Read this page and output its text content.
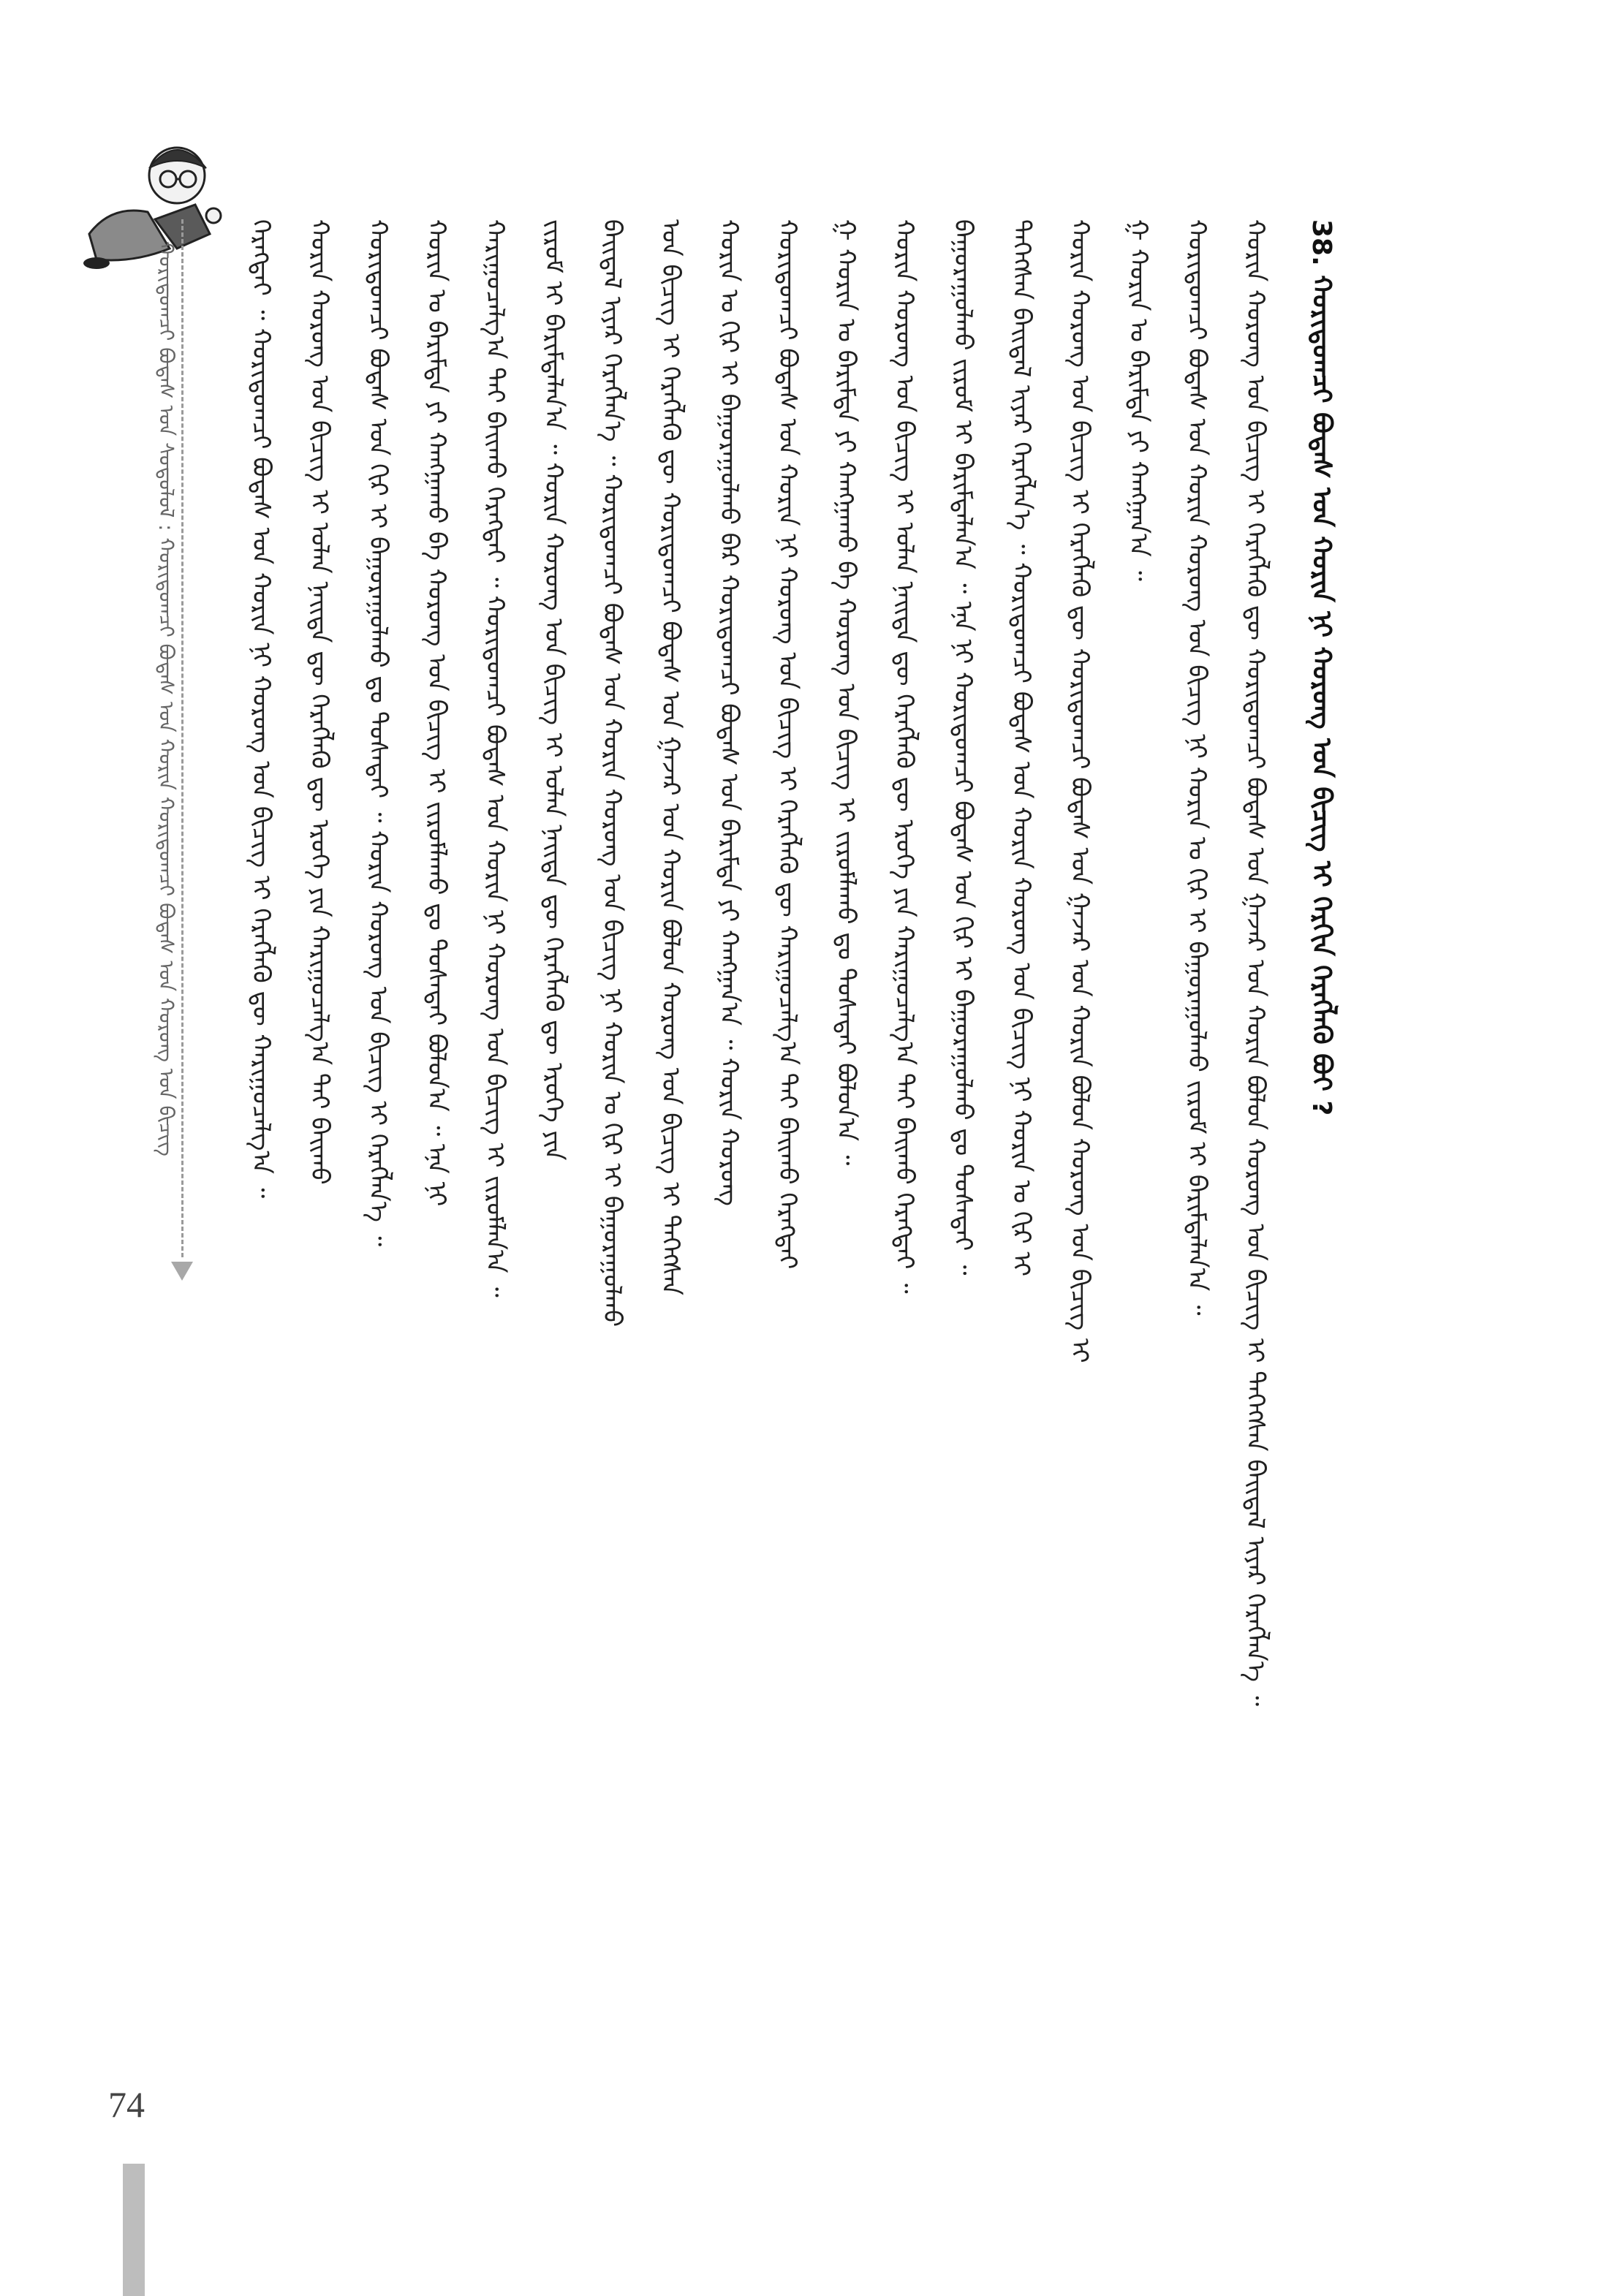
ᠬᠣᠷᠢᠳᠤᠭᠴᠢ ᠪᠣᠳᠠᠰ ᠤᠨ ᠰᠤᠳᠤᠯᠤᠯ : ᠬᠣᠷᠢᠳᠤᠭᠴᠢ ᠪᠣᠳᠠᠰ ᠤᠨ ᠬᠣᠷᠢᠨ ᠬᠣᠷᠢᠳᠤᠭᠴᠢ ᠪᠣᠳᠠᠰ ᠤᠨ ᠬᠣᠷᠤᠩ ᠤᠨ ᠪᠢᠴᠢᠭ	ᠬᠡᠷᠡᠭᠲᠡᠢ ᠃ ᠬᠣᠷᠢᠳᠤᠭᠴᠢ ᠪᠣᠳᠠᠰ ᠤᠨ ᠬᠣᠷᠢᠨ ᠨᠢ ᠬᠣᠷᠤᠩ ᠤᠨ ᠪᠢᠴᠢᠭ ᠢ ᠬᠡᠷᠡᠭᠯᠡᠬᠦ ᠳᠦ ᠬᠠᠷᠢᠭᠤᠴᠠᠯᠭ᠎ᠠ ᠃ ᠬᠣᠷᠢᠨ ᠬᠣᠷᠤᠩ ᠤᠨ ᠪᠢᠴᠢᠭ ᠢ ᠣᠯᠠᠨ ᠨᠡᠢᠲᠡ ᠳᠦ ᠬᠡᠷᠡᠭᠯᠡᠬᠦ ᠳᠦ ᠡᠷᠦᠬᠡ ᠶᠢᠨ ᠬᠠᠷᠢᠭᠤᠴᠠᠯᠭ᠎ᠠ ᠲᠠᠢ ᠪᠠᠢᠬᠤ ᠬᠣᠷᠢᠳᠤᠭᠴᠢ ᠪᠣᠳᠠᠰ ᠤᠨ ᠬᠢᠷ ᠢ ᠪᠠᠭᠤᠷᠠᠭᠤᠯᠬᠤ ᠳᠤ ᠲᠤᠰᠠᠲᠠᠢ ᠃ ᠬᠣᠷᠢᠨ ᠬᠣᠷᠤᠩ ᠤᠨ ᠪᠢᠴᠢᠭ ᠢ ᠬᠡᠷᠡᠭᠯᠡᠨ᠎ᠡ ᠃ ᠬᠣᠷᠢᠨ ᠤ ᠪᠠᠷᠢᠮᠲᠠ ᠶᠢ ᠬᠠᠩᠭᠠᠬᠤ ᠪᠠ ᠬᠣᠷᠤᠩ ᠤᠨ ᠪᠢᠴᠢᠭ ᠢ ᠵᠢᠷᠤᠮᠯᠠᠬᠤ ᠳᠤ ᠲᠤᠰᠠᠲᠠᠢ ᠪᠣᠯᠤᠨ᠎ᠠ ᠃ ᠡᠨᠡ ᠨᠢ ᠬᠠᠷᠢᠭᠤᠴᠠᠯᠭ᠎ᠠ ᠲᠠᠢ ᠪᠠᠢᠬᠤ ᠬᠡᠷᠡᠭᠲᠡᠢ ᠃ ᠬᠣᠷᠢᠳᠤᠭᠴᠢ ᠪᠣᠳᠠᠰ ᠤᠨ ᠬᠣᠷᠢᠨ ᠨᠢ ᠬᠣᠷᠤᠩ ᠤᠨ ᠪᠢᠴᠢᠭ ᠢ ᠵᠢᠷᠤᠮᠯᠠᠨ᠎ᠠ ᠃ ᠵᠢᠷᠤᠮ ᠢ ᠪᠠᠷᠢᠮᠲᠠᠯᠠᠨ᠎ᠠ ᠃ ᠬᠣᠷᠢᠨ ᠬᠣᠷᠤᠩ ᠤᠨ ᠪᠢᠴᠢᠭ ᠢ ᠣᠯᠠᠨ ᠨᠡᠢᠲᠡ ᠳᠦ ᠬᠡᠷᠡᠭᠯᠡᠬᠦ ᠳᠦ ᠡᠷᠦᠬᠡ ᠶᠢᠨ ᠪᠠᠢᠳᠠᠯ ᠢᠶᠠᠷ ᠬᠡᠷᠡᠭᠯᠡᠨ᠎ᠡ ᠃ ᠬᠣᠷᠢᠳᠤᠭᠴᠢ ᠪᠣᠳᠠᠰ ᠤᠨ ᠬᠣᠷᠢᠨ ᠬᠣᠷᠤᠩ ᠤᠨ ᠪᠢᠴᠢᠭ ᠨᠢ ᠬᠣᠷᠢᠨ ᠤ ᠬᠢᠷ ᠢ ᠪᠠᠭᠤᠷᠠᠭᠤᠯᠬᠤ ᠤᠨ ᠪᠢᠴᠢᠭ ᠢ ᠬᠡᠷᠡᠭᠯᠡᠬᠦ ᠳᠦ ᠬᠣᠷᠢᠳᠤᠭᠴᠢ ᠪᠣᠳᠠᠰ ᠤᠨ ᠭᠠᠵᠠᠷ ᠤᠨ ᠬᠣᠷᠢᠨ ᠪᠣᠯᠤᠨ ᠬᠣᠷᠤᠩ ᠤᠨ ᠪᠢᠴᠢᠭ ᠢ ᠲᠡᠭᠡᠭᠰᠡᠨ ᠬᠣᠷᠢᠨ ᠤ ᠬᠢᠷ ᠢ ᠪᠠᠭᠤᠷᠠᠭᠤᠯᠬᠤ ᠪᠠᠷ ᠬᠣᠷᠢᠳᠤᠭᠴᠢ ᠪᠣᠳᠠᠰ ᠤᠨ ᠪᠠᠷᠢᠮᠲᠠ ᠶᠢ ᠬᠠᠩᠭᠠᠨ᠎ᠠ ᠃ ᠬᠣᠷᠢᠨ ᠬᠣᠷᠤᠩ ᠬᠣᠷᠢᠳᠤᠭᠴᠢ ᠪᠣᠳᠠᠰ ᠤᠨ ᠬᠣᠷᠢᠨ ᠨᠢ ᠬᠣᠷᠤᠩ ᠤᠨ ᠪᠢᠴᠢᠭ ᠢ ᠬᠡᠷᠡᠭᠯᠡᠬᠦ ᠳᠦ ᠬᠠᠷᠢᠭᠤᠴᠠᠯᠭ᠎ᠠ ᠲᠠᠢ ᠪᠠᠢᠬᠤ ᠬᠡᠷᠡᠭᠲᠡᠢ ᠭ ᠬᠣᠷᠢᠨ ᠤ ᠪᠠᠷᠢᠮᠲᠠ ᠶᠢ ᠬᠠᠩᠭᠠᠬᠤ ᠪᠠ ᠬᠣᠷᠤᠩ ᠤᠨ ᠪᠢᠴᠢᠭ ᠢ ᠵᠢᠷᠤᠮᠯᠠᠬᠤ ᠳᠤ ᠲᠤᠰᠠᠲᠠᠢ ᠪᠣᠯᠤᠨ᠎ᠠ ᠃ ᠬᠣᠷᠢᠨ ᠬᠣᠷᠤᠩ ᠤᠨ ᠪᠢᠴᠢᠭ ᠢ ᠣᠯᠠᠨ ᠨᠡᠢᠲᠡ ᠳᠦ ᠬᠡᠷᠡᠭᠯᠡᠬᠦ ᠳᠦ ᠡᠷᠦᠬᠡ ᠶᠢᠨ ᠬᠠᠷᠢᠭᠤᠴᠠᠯᠭ᠎ᠠ ᠲᠠᠢ ᠪᠠᠢᠬᠤ ᠬᠡᠷᠡᠭᠲᠡᠢ ᠃ ᠪᠠᠭᠤᠷᠠᠭᠤᠯᠬᠤ ᠵᠢᠷᠤᠮ ᠢ ᠪᠠᠷᠢᠮᠲᠠᠯᠠᠨ᠎ᠠ ᠃ ᠡᠨᠡ ᠨᠢ ᠬᠣᠷᠢᠳᠤᠭᠴᠢ ᠪᠣᠳᠠᠰ ᠤᠨ ᠬᠢᠷ ᠢ ᠪᠠᠭᠤᠷᠠᠭᠤᠯᠬᠤ ᠳᠤ ᠲᠤᠰᠠᠲᠠᠢ ᠃ ᠲᠡᠭᠡᠭᠰᠡᠨ ᠪᠠᠢᠳᠠᠯ ᠢᠶᠠᠷ ᠬᠡᠷᠡᠭᠯᠡᠨ᠎ᠡ ᠃ ᠬᠣᠷᠢᠳᠤᠭᠴᠢ ᠪᠣᠳᠠᠰ ᠤᠨ ᠬᠣᠷᠢᠨ ᠬᠣᠷᠤᠩ ᠤᠨ ᠪᠢᠴᠢᠭ ᠨᠢ ᠬᠣᠷᠢᠨ ᠤ ᠬᠢᠷ ᠢ ᠬᠣᠷᠢᠨ ᠬᠣᠷᠤᠩ ᠤᠨ ᠪᠢᠴᠢᠭ ᠢ ᠬᠡᠷᠡᠭᠯᠡᠬᠦ ᠳᠦ ᠬᠣᠷᠢᠳᠤᠭᠴᠢ ᠪᠣᠳᠠᠰ ᠤᠨ ᠭᠠᠵᠠᠷ ᠤᠨ ᠬᠣᠷᠢᠨ ᠪᠣᠯᠤᠨ ᠬᠣᠷᠤᠩ ᠤᠨ ᠪᠢᠴᠢᠭ ᠢ ᠭ ᠬᠣᠷᠢᠨ ᠤ ᠪᠠᠷᠢᠮᠲᠠ ᠶᠢ ᠬᠠᠩᠭᠠᠨ᠎ᠠ ᠃ ᠬᠣᠷᠢᠳᠤᠭᠴᠢ ᠪᠣᠳᠠᠰ ᠤᠨ ᠬᠣᠷᠢᠨ ᠬᠣᠷᠤᠩ ᠤᠨ ᠪᠢᠴᠢᠭ ᠨᠢ ᠬᠣᠷᠢᠨ ᠤ ᠬᠢᠷ ᠢ ᠪᠠᠭᠤᠷᠠᠭᠤᠯᠬᠤ ᠵᠢᠷᠤᠮ ᠢ ᠪᠠᠷᠢᠮᠲᠠᠯᠠᠨ᠎ᠠ ᠃ ᠬᠣᠷᠢᠨ ᠬᠣᠷᠤᠩ ᠤᠨ ᠪᠢᠴᠢᠭ ᠢ ᠬᠡᠷᠡᠭᠯᠡᠬᠦ ᠳᠦ ᠬᠣᠷᠢᠳᠤᠭᠴᠢ ᠪᠣᠳᠠᠰ ᠤᠨ ᠭᠠᠵᠠᠷ ᠤᠨ ᠬᠣᠷᠢᠨ ᠪᠣᠯᠤᠨ ᠬᠣᠷᠤᠩ ᠤᠨ ᠪᠢᠴᠢᠭ ᠢ ᠲᠡᠭᠡᠭᠰᠡᠨ ᠪᠠᠢᠳᠠᠯ ᠢᠶᠠᠷ ᠬᠡᠷᠡᠭᠯᠡᠨ᠎ᠡ ᠃ 38. ᠬᠣᠷᠢᠳᠤᠭᠴᠢ ᠪᠣᠳᠠᠰ ᠤᠨ ᠬᠣᠷᠢᠨ ᠨᠢ ᠬᠣᠷᠤᠩ ᠤᠨ ᠪᠢᠴᠢᠭ ᠢ ᠬᠡᠷᠬᠢᠨ ᠬᠡᠷᠡᠭᠯᠡᠬᠦ ᠪᠤᠢ ?
74
